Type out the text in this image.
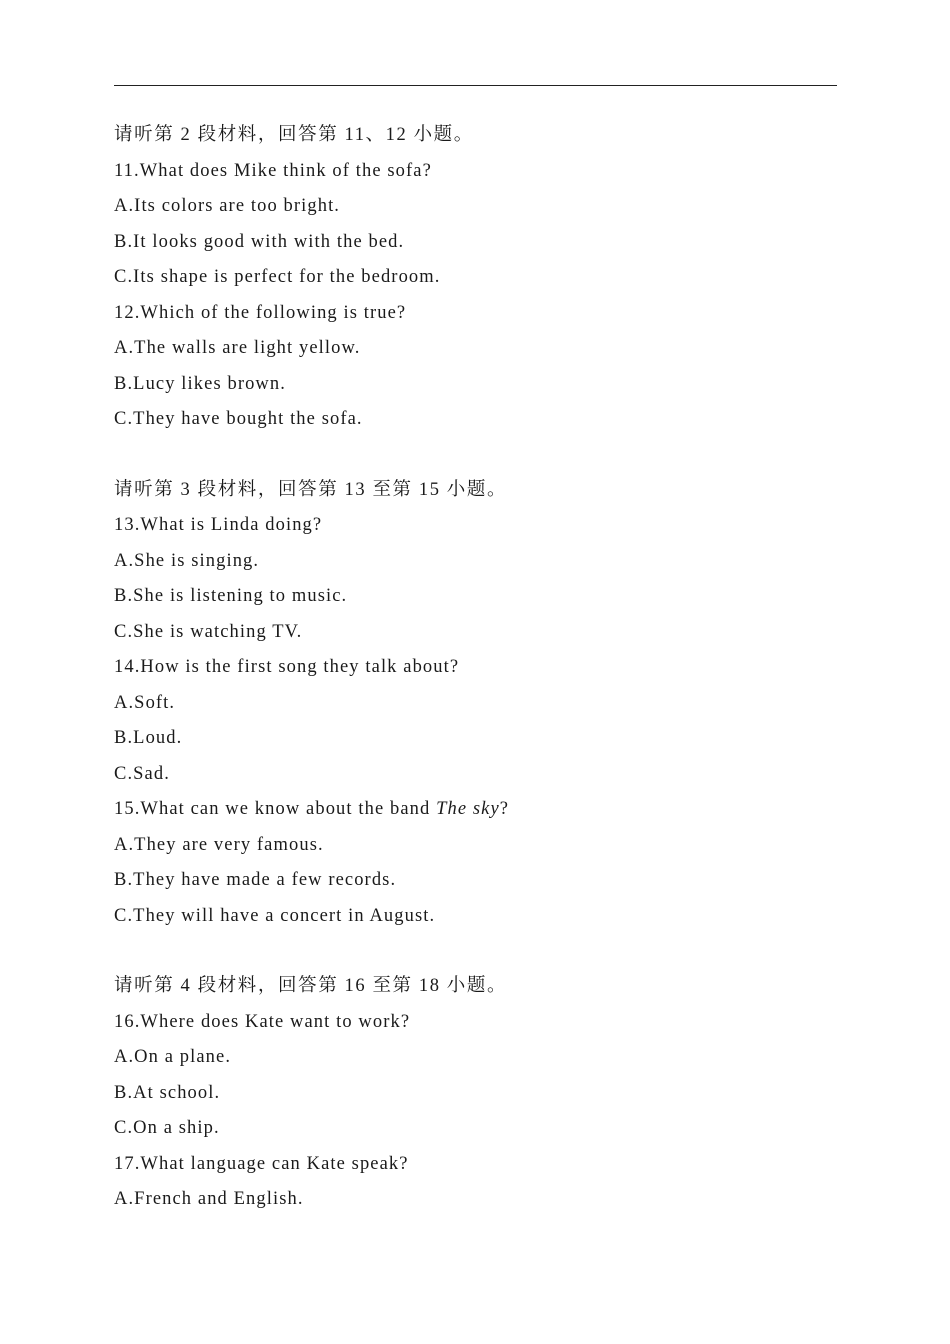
请听第 2 段材料，回答第 11、12 小题。
11.What does Mike think of the sofa?
A.Its colors are too bright.
B.It looks good with with the bed.
C.Its shape is perfect for the bedroom.
12.Which of the following is true?
A.The walls are light yellow.
B.Lucy likes brown.
C.They have bought the sofa.
请听第 3 段材料，回答第 13 至第 15 小题。
13.What is Linda doing?
A.She is singing.
B.She is listening to music.
C.She is watching TV.
14.How is the first song they talk about?
A.Soft.
B.Loud.
C.Sad.
15.What can we know about the band The sky?
A.They are very famous.
B.They have made a few records.
C.They will have a concert in August.
请听第 4 段材料，回答第 16 至第 18 小题。
16.Where does Kate want to work?
A.On a plane.
B.At school.
C.On a ship.
17.What language can Kate speak?
A.French and English.
